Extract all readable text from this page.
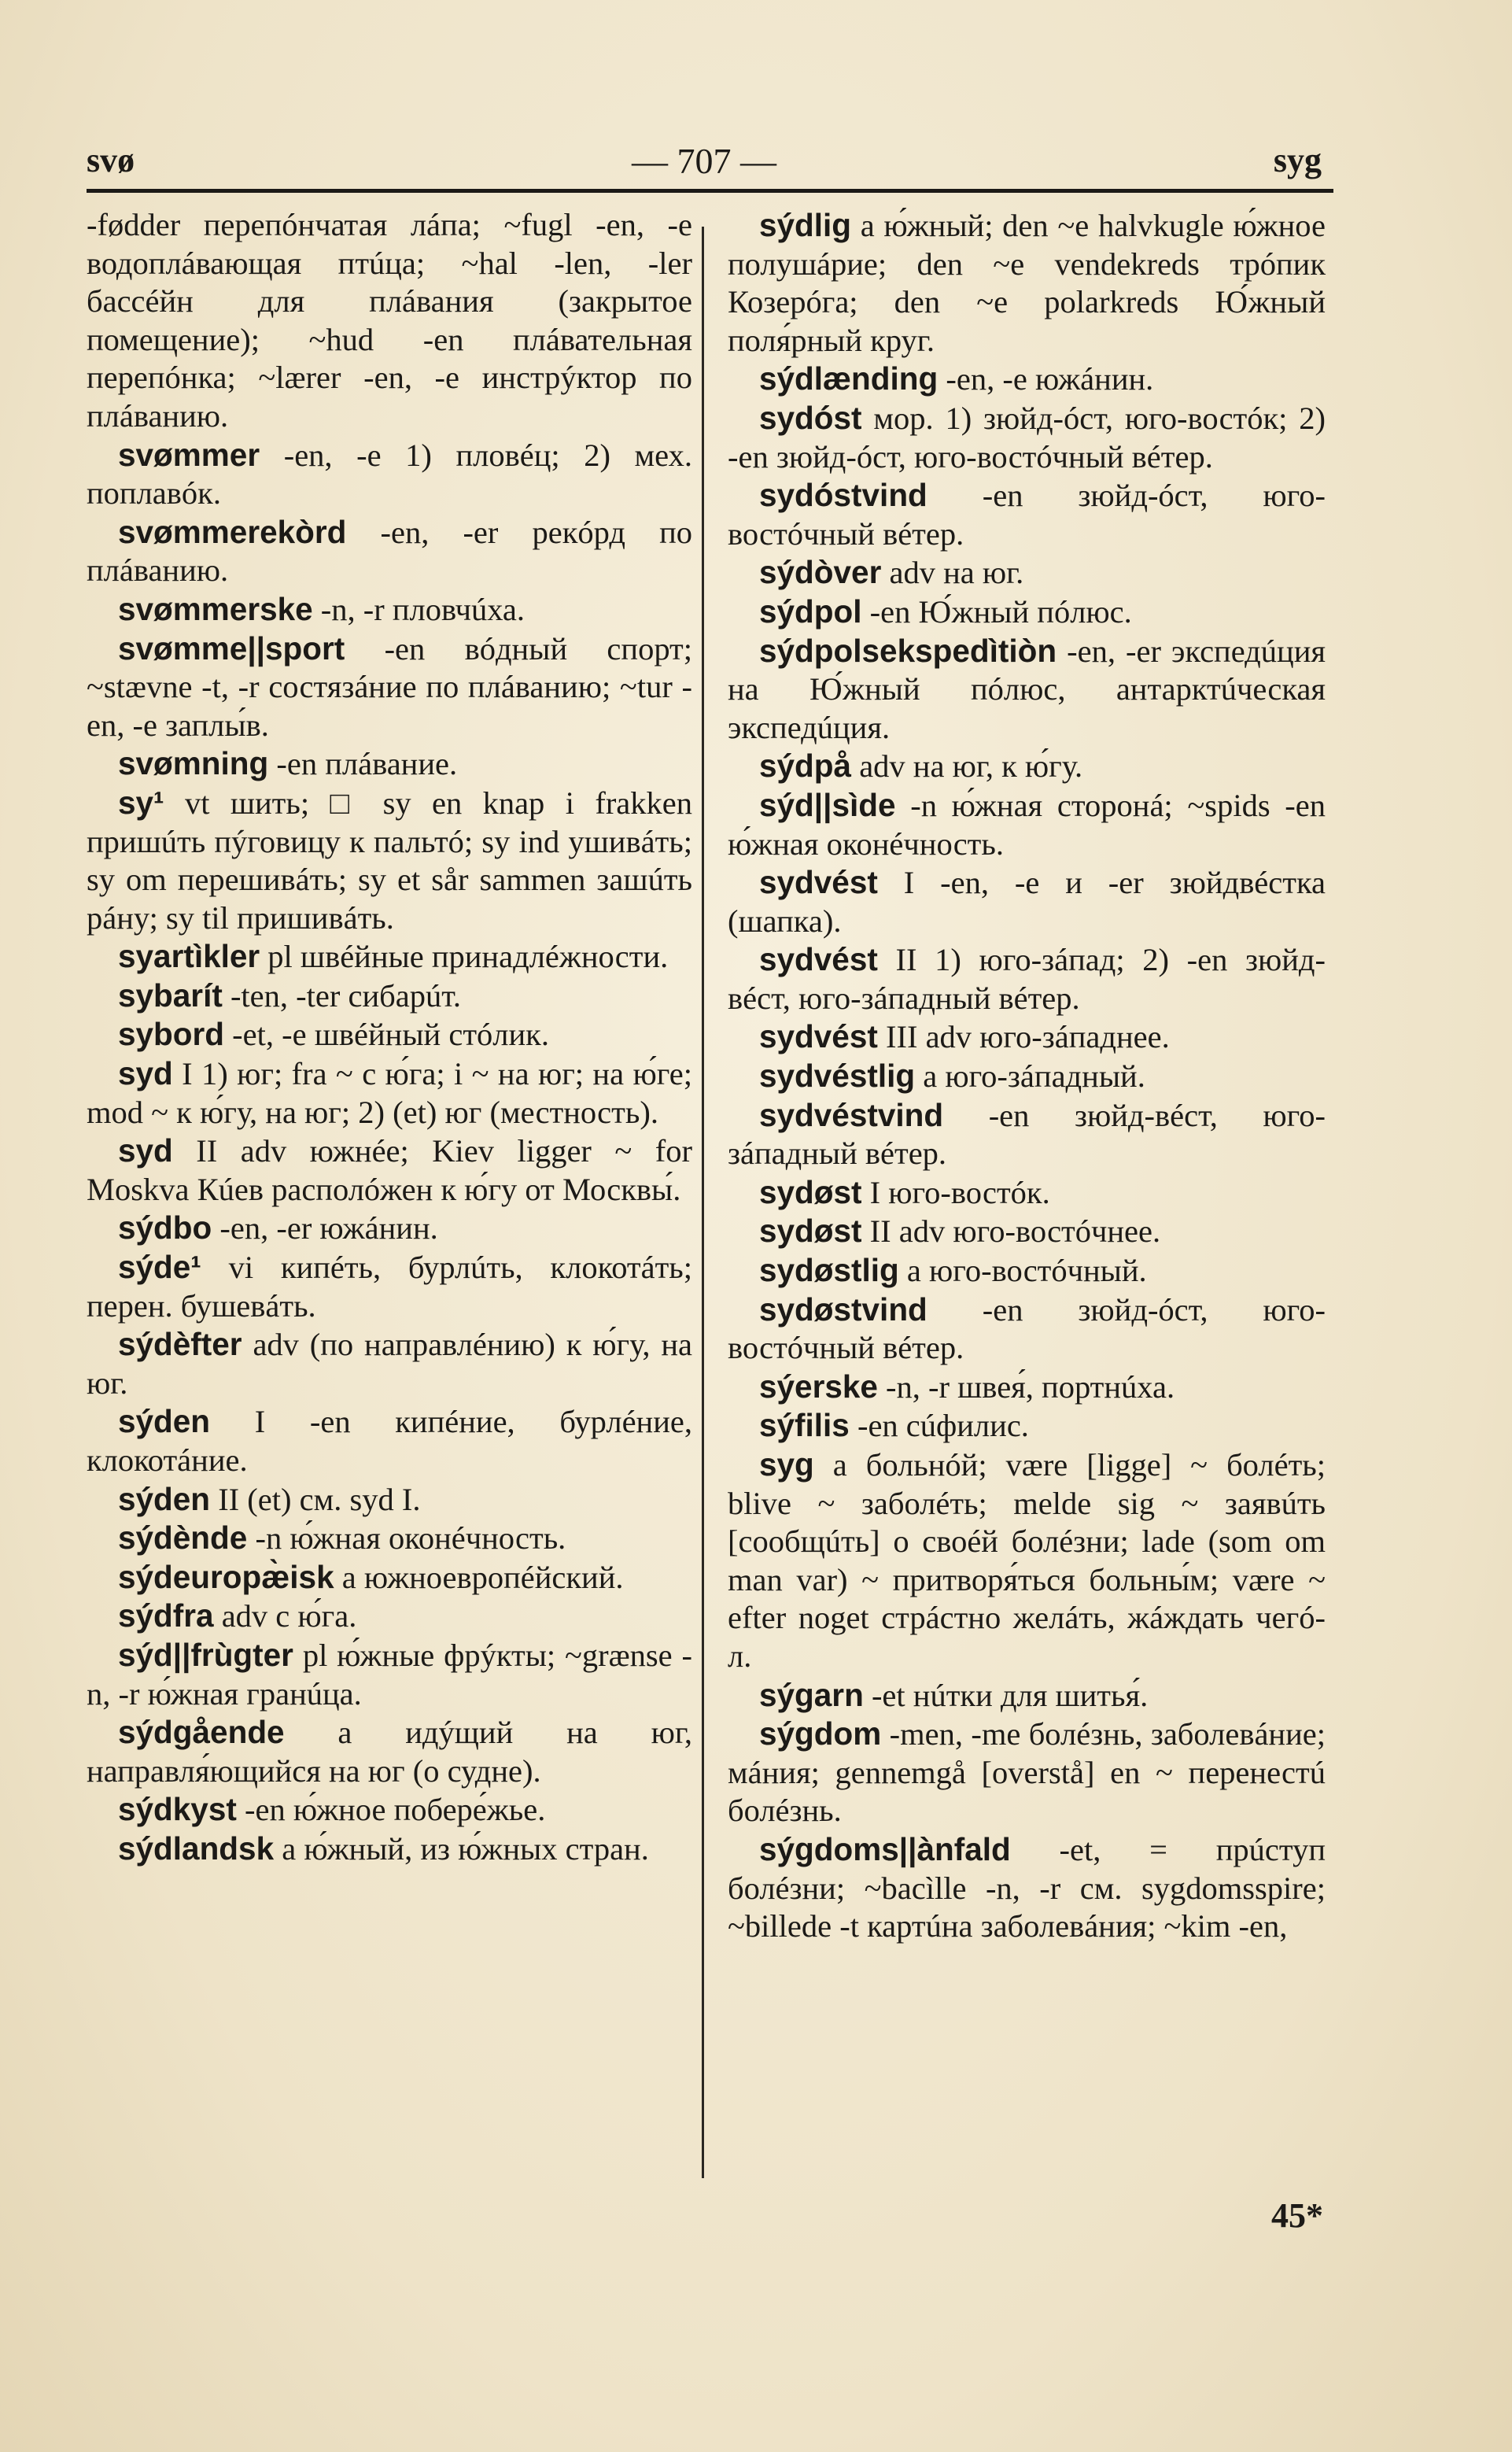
— 707 —
svø	syg

-fødder перепóнчатая лáпа; ~fugl -en, -e водоплáвающая птúца; ~hal -len, -ler бассéйн для плáвания (закрытое помещение); ~hud -en плáвательная перепóнка; ~lærer -en, -e инстрýктор по плáванию.

svømmer -en, -e 1) пловéц; 2) мех. поплавóк.

svømmerekòrd -en, -er рекóрд по плáванию.

svømmerske -n, -r пловчúха.

svømme||sport -en вóдный спорт; ~stævne -t, -r состязáние по плáванию; ~tur -en, -e заплы́в.

svømning -en плáвание.

sy¹ vt шить; □ sy en knap i frakken пришúть пýговицу к пальтó; sy ind ушивáть; sy om перешивáть; sy et sår sammen зашúть рáну; sy til пришивáть.

syartìkler pl швéйные принадлéжности.

sybarít -ten, -ter сибарúт.

sybord -et, -e швéйный стóлик.

syd I 1) юг; fra ~ с ю́га; i ~ на юг; на ю́ге; mod ~ к ю́гу, на юг; 2) (et) юг (местность).

syd II adv южнée; Kiev ligger ~ for Moskva Кúев располóжен к ю́гу от Москвы́.

sýdbo -en, -er южáнин.

sýde¹ vi кипéть, бурлúть, клокотáть; перен. бушевáть.

sýdèfter adv (по направлéнию) к ю́гу, на юг.

sýden I -en кипéние, бурлéние, клокотáние.

sýden II (et) см. syd I.

sýdènde -n ю́жная оконéчность.

sýdeuropæ̀isk a южноевропéйский.

sýdfra adv с ю́га.

sýd||frùgter pl ю́жные фрýкты; ~grænse -n, -r ю́жная гранúца.

sýdgående a идýщий на юг, направля́ющийся на юг (о судне).

sýdkyst -en ю́жное побере́жье.

sýdlandsk a ю́жный, из ю́жных стран.

sýdlig a ю́жный; den ~e halvkugle ю́жное полушáрие; den ~e vendekreds трóпик Козерóга; den ~e polarkreds Ю́жный поля́рный круг.

sýdlænding -en, -e южáнин.

sydóst мор. 1) зюйд-óст, юго-востóк; 2) -en зюйд-óст, юго-востóчный вéтер.

sydóstvind -en зюйд-óст, юго-востóчный вéтер.

sýdòver adv на юг.

sýdpol -en Ю́жный пóлюс.

sýdpolsekspedìtiòn -en, -er экспедúция на Ю́жный пóлюс, антарктúческая экспедúция.

sýdpå adv на юг, к ю́гу.

sýd||sìde -n ю́жная сторонá; ~spids -en ю́жная оконéчность.

sydvést I -en, -e и -er зюйдвéстка (шапка).

sydvést II 1) юго-зáпад; 2) -en зюйд-вéст, юго-зáпадный вéтер.

sydvést III adv юго-зáпаднее.

sydvéstlig a юго-зáпадный.

sydvéstvind -en зюйд-вéст, юго-зáпадный вéтер.

sydøst I юго-востóк.

sydøst II adv юго-востóчнее.

sydøstlig a юго-востóчный.

sydøstvind -en зюйд-óст, юго-востóчный вéтер.

sýerske -n, -r швея́, портнúха.

sýfilis -en сúфилис.

syg a больнóй; være [ligge] ~ болéть; blive ~ заболéть; melde sig ~ заявúть [сообщúть] о своéй болéзни; lade (som om man var) ~ притворя́ться больны́м; være ~ efter noget стрáстно желáть, жáждать чегó-л.

sýgarn -et нúтки для шитья́.

sýgdom -men, -me болéзнь, заболевáние; мáния; gennemgå [overstå] en ~ перенестú болéзнь.

sýgdoms||ànfald -et, = прúступ болéзни; ~bacìlle -n, -r см. sygdomsspire; ~billede -t картúна заболевáния; ~kim -en,

45*
